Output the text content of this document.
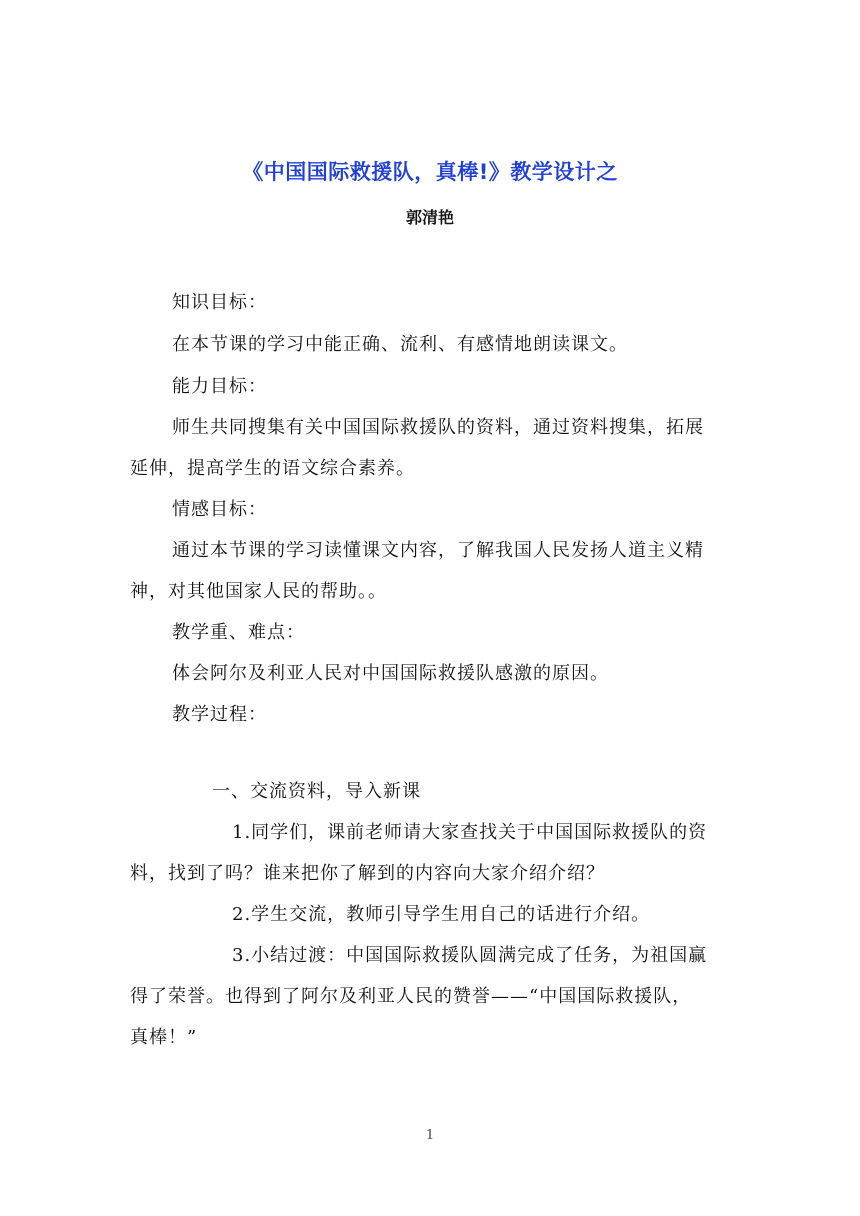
《中国国际救援队，真棒!》教学设计之
郭清艳
知识目标：
在本节课的学习中能正确、流利、有感情地朗读课文。
能力目标：
师生共同搜集有关中国国际救援队的资料，通过资料搜集，拓展
延伸，提高学生的语文综合素养。
情感目标：
通过本节课的学习读懂课文内容，了解我国人民发扬人道主义精
神，对其他国家人民的帮助。。
教学重、难点：
体会阿尔及利亚人民对中国国际救援队感激的原因。
教学过程：
一、交流资料，导入新课
1.同学们，课前老师请大家查找关于中国国际救援队的资
料，找到了吗？谁来把你了解到的内容向大家介绍介绍？
2.学生交流，教师引导学生用自己的话进行介绍。
3.小结过渡：中国国际救援队圆满完成了任务，为祖国赢
得了荣誉。也得到了阿尔及利亚人民的赞誉——“中国国际救援队，
真棒！”
1
